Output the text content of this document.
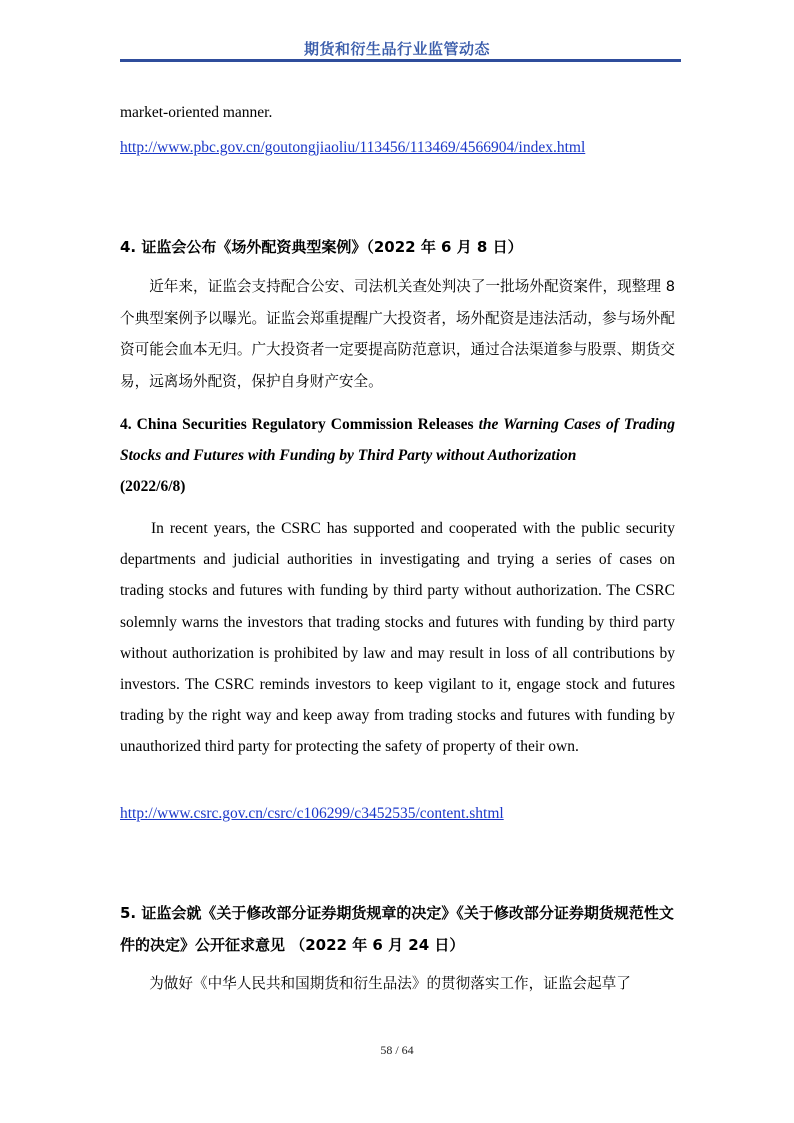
期货和衍生品行业监管动态
market-oriented manner.
http://www.pbc.gov.cn/goutongjiaoliu/113456/113469/4566904/index.html
4. 证监会公布《场外配资典型案例》（2022 年 6 月 8 日）
近年来，证监会支持配合公安、司法机关查处判决了一批场外配资案件，现整理 8 个典型案例予以曝光。证监会郑重提醒广大投资者，场外配资是违法活动，参与场外配资可能会血本无归。广大投资者一定要提高防范意识，通过合法渠道参与股票、期货交易，远离场外配资，保护自身财产安全。
4. China Securities Regulatory Commission Releases the Warning Cases of Trading Stocks and Futures with Funding by Third Party without Authorization
(2022/6/8)
In recent years, the CSRC has supported and cooperated with the public security departments and judicial authorities in investigating and trying a series of cases on trading stocks and futures with funding by third party without authorization. The CSRC solemnly warns the investors that trading stocks and futures with funding by third party without authorization is prohibited by law and may result in loss of all contributions by investors. The CSRC reminds investors to keep vigilant to it, engage stock and futures trading by the right way and keep away from trading stocks and futures with funding by unauthorized third party for protecting the safety of property of their own.
http://www.csrc.gov.cn/csrc/c106299/c3452535/content.shtml
5. 证监会就《关于修改部分证券期货规章的决定》《关于修改部分证券期货规范性文件的决定》公开征求意见 （2022 年 6 月 24 日）
为做好《中华人民共和国期货和衍生品法》的贯彻落实工作，证监会起草了
58 / 64
